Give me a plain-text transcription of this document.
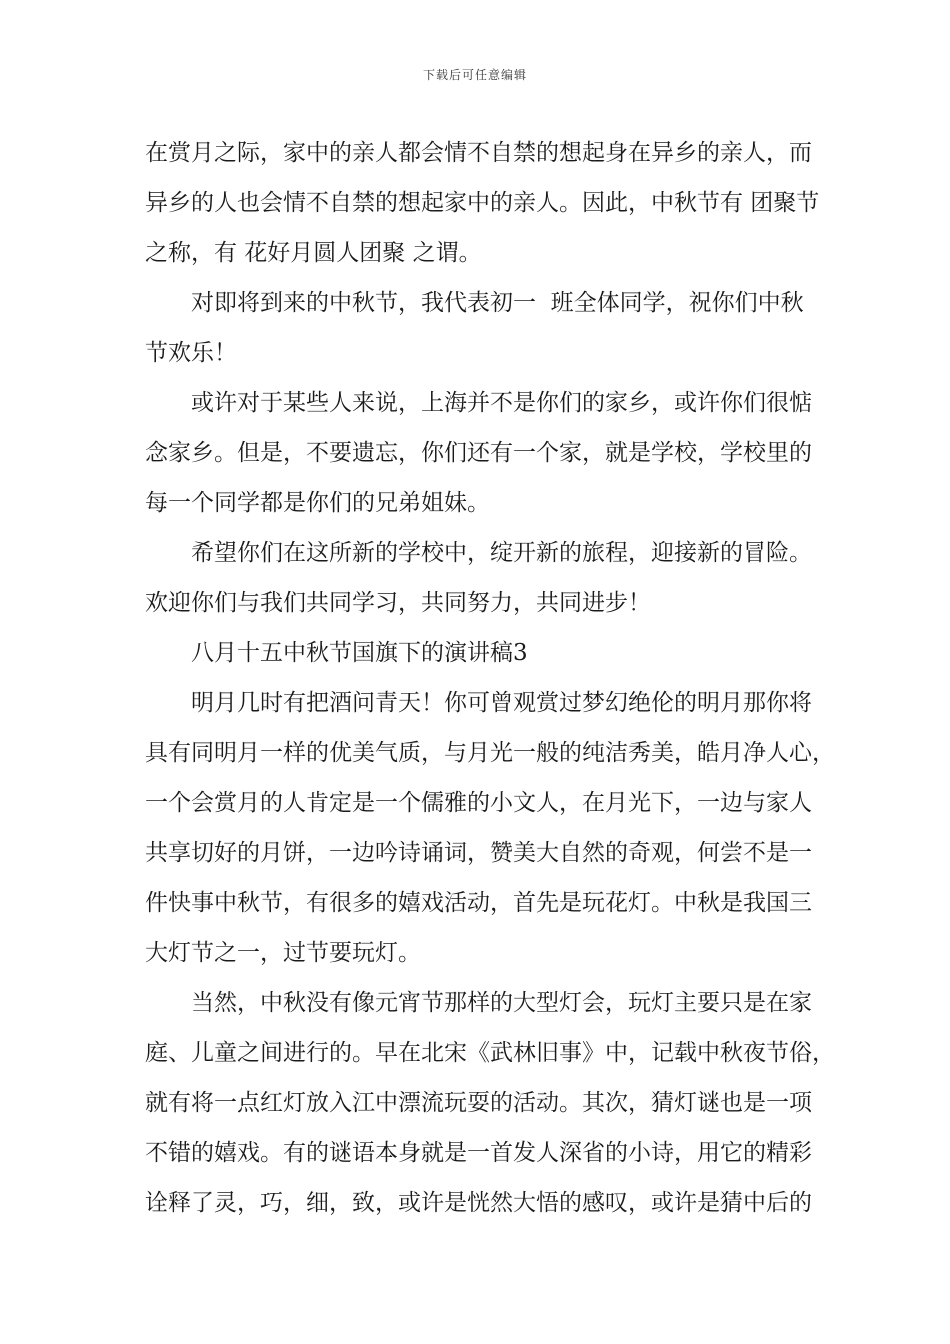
下载后可任意编辑
在赏月之际，家中的亲人都会情不自禁的想起身在异乡的亲人，而
异乡的人也会情不自禁的想起家中的亲人。因此，中秋节有 团聚节
之称，有 花好月圆人团聚 之谓。
对即将到来的中秋节，我代表初一  班全体同学，祝你们中秋
节欢乐！
或许对于某些人来说，上海并不是你们的家乡，或许你们很惦
念家乡。但是，不要遗忘，你们还有一个家，就是学校，学校里的
每一个同学都是你们的兄弟姐妹。
希望你们在这所新的学校中，绽开新的旅程，迎接新的冒险。
欢迎你们与我们共同学习，共同努力，共同进步！
八月十五中秋节国旗下的演讲稿3
明月几时有把酒问青天！你可曾观赏过梦幻绝伦的明月那你将
具有同明月一样的优美气质，与月光一般的纯洁秀美，皓月净人心，
一个会赏月的人肯定是一个儒雅的小文人，在月光下，一边与家人
共享切好的月饼，一边吟诗诵词，赞美大自然的奇观，何尝不是一
件快事中秋节，有很多的嬉戏活动，首先是玩花灯。中秋是我国三
大灯节之一，过节要玩灯。
当然，中秋没有像元宵节那样的大型灯会，玩灯主要只是在家
庭、儿童之间进行的。早在北宋《武林旧事》中，记载中秋夜节俗，
就有将一点红灯放入江中漂流玩耍的活动。其次，猜灯谜也是一项
不错的嬉戏。有的谜语本身就是一首发人深省的小诗，用它的精彩
诠释了灵，巧，细，致，或许是恍然大悟的感叹，或许是猜中后的
